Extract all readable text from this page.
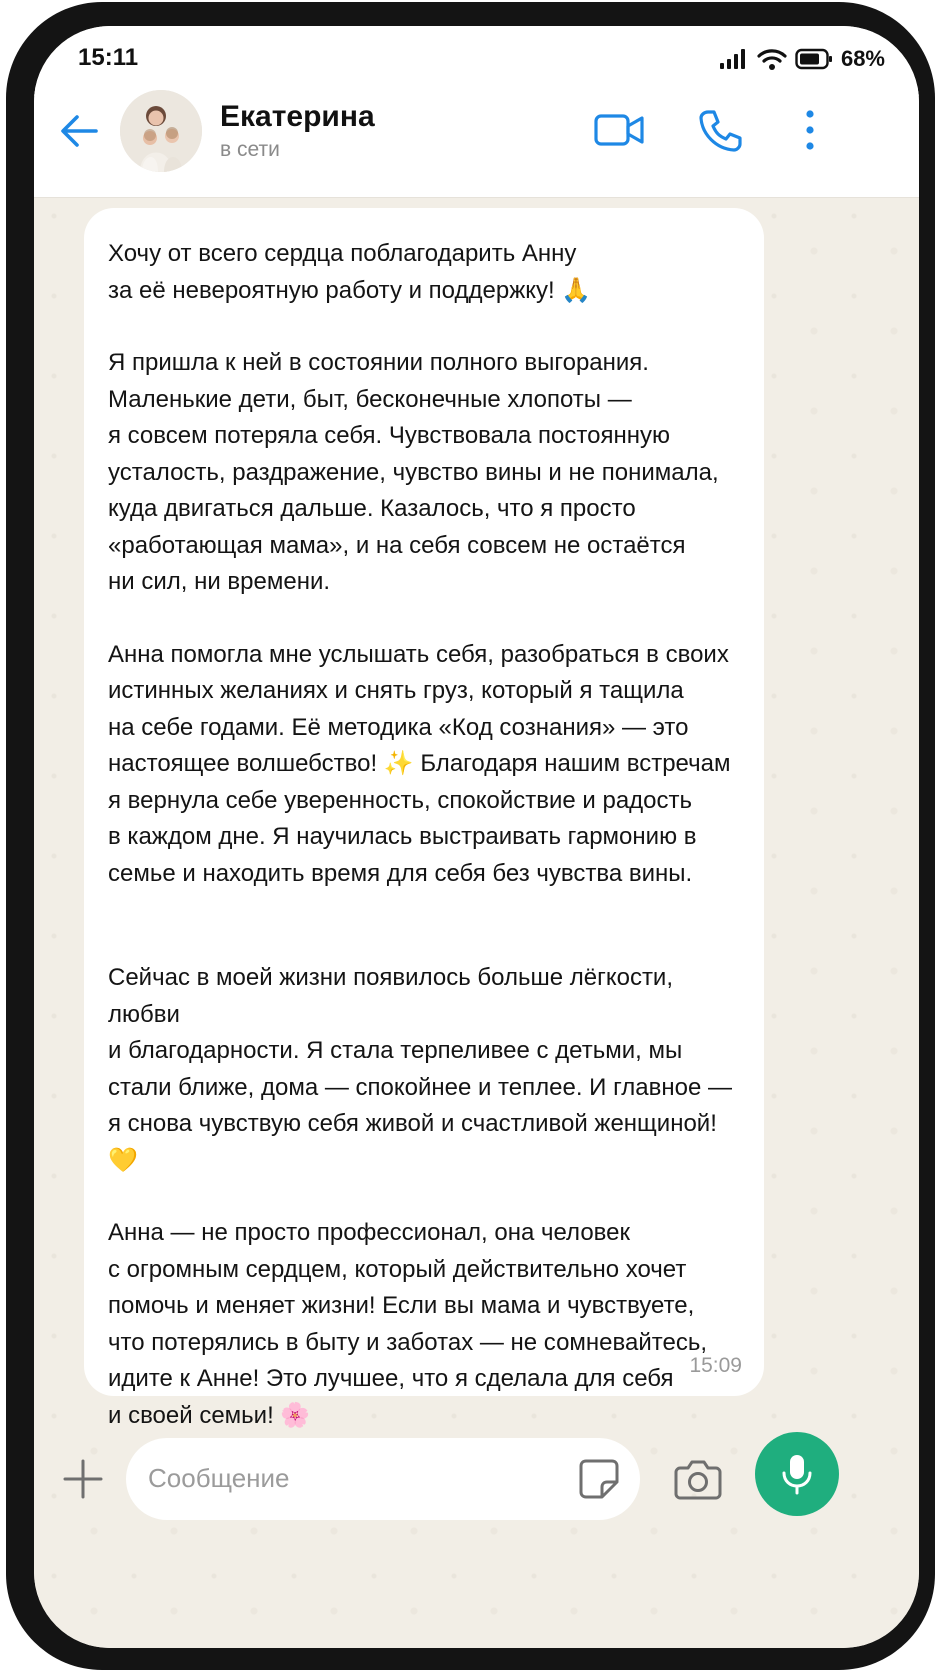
15:11	68%
Екатерина
в сети

Хочу от всего сердца поблагодарить Анну
за её невероятную работу и поддержку! 🙏

Я пришла к ней в состоянии полного выгорания.
Маленькие дети, быт, бесконечные хлопоты —
я совсем потеряла себя. Чувствовала постоянную
усталость, раздражение, чувство вины и не понимала,
куда двигаться дальше. Казалось, что я просто
«работающая мама», и на себя совсем не остаётся
ни сил, ни времени.

Анна помогла мне услышать себя, разобраться в своих
истинных желаниях и снять груз, который я тащила
на себе годами. Её методика «Код сознания» — это
настоящее волшебство! ✨ Благодаря нашим встречам
я вернула себе уверенность, спокойствие и радость
в каждом дне. Я научилась выстраивать гармонию в
семье и находить время для себя без чувства вины.

Сейчас в моей жизни появилось больше лёгкости, любви
и благодарности. Я стала терпеливее с детьми, мы
стали ближе, дома — спокойнее и теплее. И главное —
я снова чувствую себя живой и счастливой женщиной! 💛

Анна — не просто профессионал, она человек
с огромным сердцем, который действительно хочет
помочь и меняет жизни! Если вы мама и чувствуете,
что потерялись в быту и заботах — не сомневайтесь,
идите к Анне! Это лучшее, что я сделала для себя
и своей семьи! 🌸

15:09
Сообщение
